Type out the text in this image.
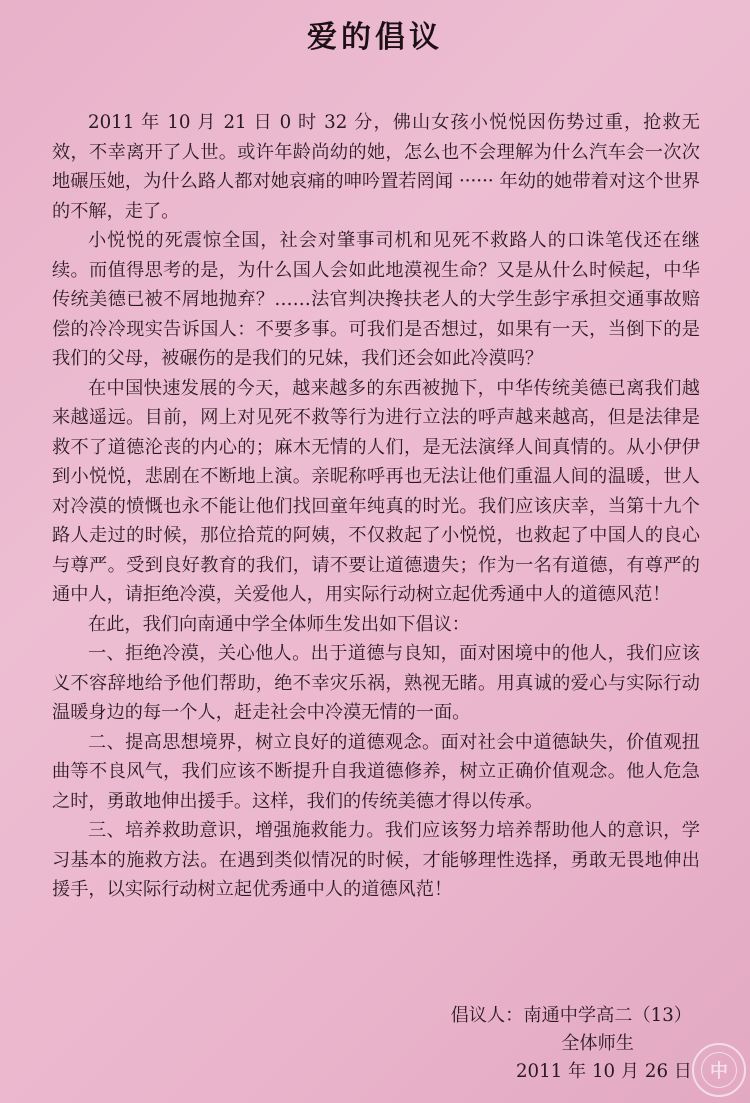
爱的倡议

2011 年 10 月 21 日 0 时 32 分，佛山女孩小悦悦因伤势过重，抢救无效，不幸离开了人世。或许年龄尚幼的她，怎么也不会理解为什么汽车会一次次地碾压她，为什么路人都对她哀痛的呻吟置若罔闻 ······ 年幼的她带着对这个世界的不解，走了。

小悦悦的死震惊全国，社会对肇事司机和见死不救路人的口诛笔伐还在继续。而值得思考的是，为什么国人会如此地漠视生命？又是从什么时候起，中华传统美德已被不屑地抛弃？……法官判决搀扶老人的大学生彭宇承担交通事故赔偿的冷冷现实告诉国人：不要多事。可我们是否想过，如果有一天，当倒下的是我们的父母，被碾伤的是我们的兄妹，我们还会如此冷漠吗？

在中国快速发展的今天，越来越多的东西被抛下，中华传统美德已离我们越来越遥远。目前，网上对见死不救等行为进行立法的呼声越来越高，但是法律是救不了道德沦丧的内心的；麻木无情的人们，是无法演绎人间真情的。从小伊伊到小悦悦，悲剧在不断地上演。亲昵称呼再也无法让他们重温人间的温暖，世人对冷漠的愤慨也永不能让他们找回童年纯真的时光。我们应该庆幸，当第十九个路人走过的时候，那位拾荒的阿姨，不仅救起了小悦悦，也救起了中国人的良心与尊严。受到良好教育的我们，请不要让道德遗失；作为一名有道德，有尊严的通中人，请拒绝冷漠，关爱他人，用实际行动树立起优秀通中人的道德风范！

在此，我们向南通中学全体师生发出如下倡议：

一、拒绝冷漠，关心他人。出于道德与良知，面对困境中的他人，我们应该义不容辞地给予他们帮助，绝不幸灾乐祸，熟视无睹。用真诚的爱心与实际行动温暖身边的每一个人，赶走社会中冷漠无情的一面。

二、提高思想境界，树立良好的道德观念。面对社会中道德缺失，价值观扭曲等不良风气，我们应该不断提升自我道德修养，树立正确价值观念。他人危急之时，勇敢地伸出援手。这样，我们的传统美德才得以传承。

三、培养救助意识，增强施救能力。我们应该努力培养帮助他人的意识，学习基本的施救方法。在遇到类似情况的时候，才能够理性选择，勇敢无畏地伸出援手，以实际行动树立起优秀通中人的道德风范！

倡议人：南通中学高二（13）
全体师生
2011 年 10 月 26 日 中
